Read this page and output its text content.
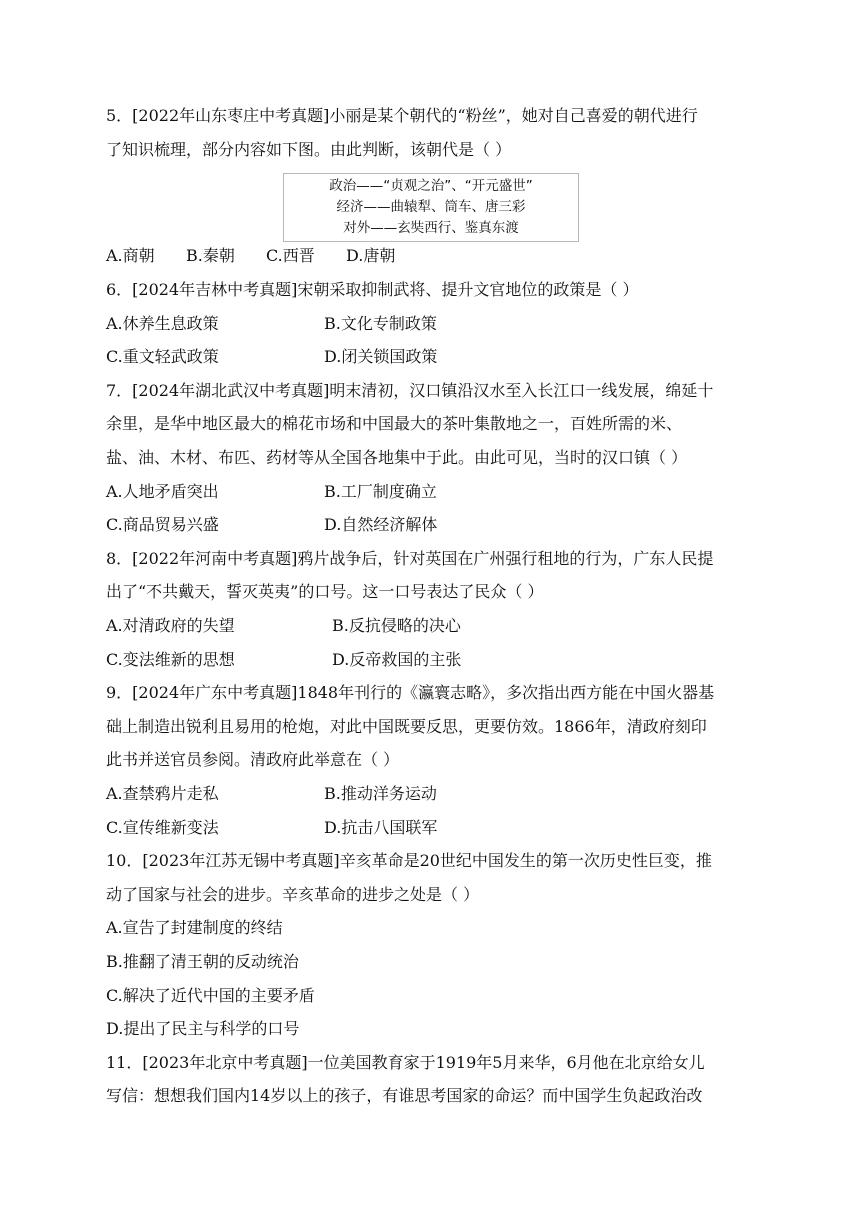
5．[2022年山东枣庄中考真题]小丽是某个朝代的“粉丝”，她对自己喜爱的朝代进行
了知识梳理，部分内容如下图。由此判断，该朝代是（ ）
政治——“贞观之治”、“开元盛世”
经济——曲辕犁、筒车、唐三彩
对外——玄奘西行、鉴真东渡
A.商朝 B.秦朝 C.西晋 D.唐朝
6．[2024年吉林中考真题]宋朝采取抑制武将、提升文官地位的政策是（ ）
A.休养生息政策	B.文化专制政策
C.重文轻武政策	D.闭关锁国政策
7．[2024年湖北武汉中考真题]明末清初，汉口镇沿汉水至入长江口一线发展，绵延十
余里，是华中地区最大的棉花市场和中国最大的茶叶集散地之一，百姓所需的米、
盐、油、木材、布匹、药材等从全国各地集中于此。由此可见，当时的汉口镇（ ）
A.人地矛盾突出	B.工厂制度确立
C.商品贸易兴盛	D.自然经济解体
8．[2022年河南中考真题]鸦片战争后，针对英国在广州强行租地的行为，广东人民提
出了“不共戴天，誓灭英夷”的口号。这一口号表达了民众（ ）
A.对清政府的失望	B.反抗侵略的决心
C.变法维新的思想	D.反帝救国的主张
9．[2024年广东中考真题]1848年刊行的《瀛寰志略》，多次指出西方能在中国火器基
础上制造出锐利且易用的枪炮，对此中国既要反思，更要仿效。1866年，清政府刻印
此书并送官员参阅。清政府此举意在（ ）
A.查禁鸦片走私	B.推动洋务运动
C.宣传维新变法	D.抗击八国联军
10．[2023年江苏无锡中考真题]辛亥革命是20世纪中国发生的第一次历史性巨变，推
动了国家与社会的进步。辛亥革命的进步之处是（ ）
A.宣告了封建制度的终结
B.推翻了清王朝的反动统治
C.解决了近代中国的主要矛盾
D.提出了民主与科学的口号
11．[2023年北京中考真题]一位美国教育家于1919年5月来华，6月他在北京给女儿
写信：想想我们国内14岁以上的孩子，有谁思考国家的命运？而中国学生负起政治改
